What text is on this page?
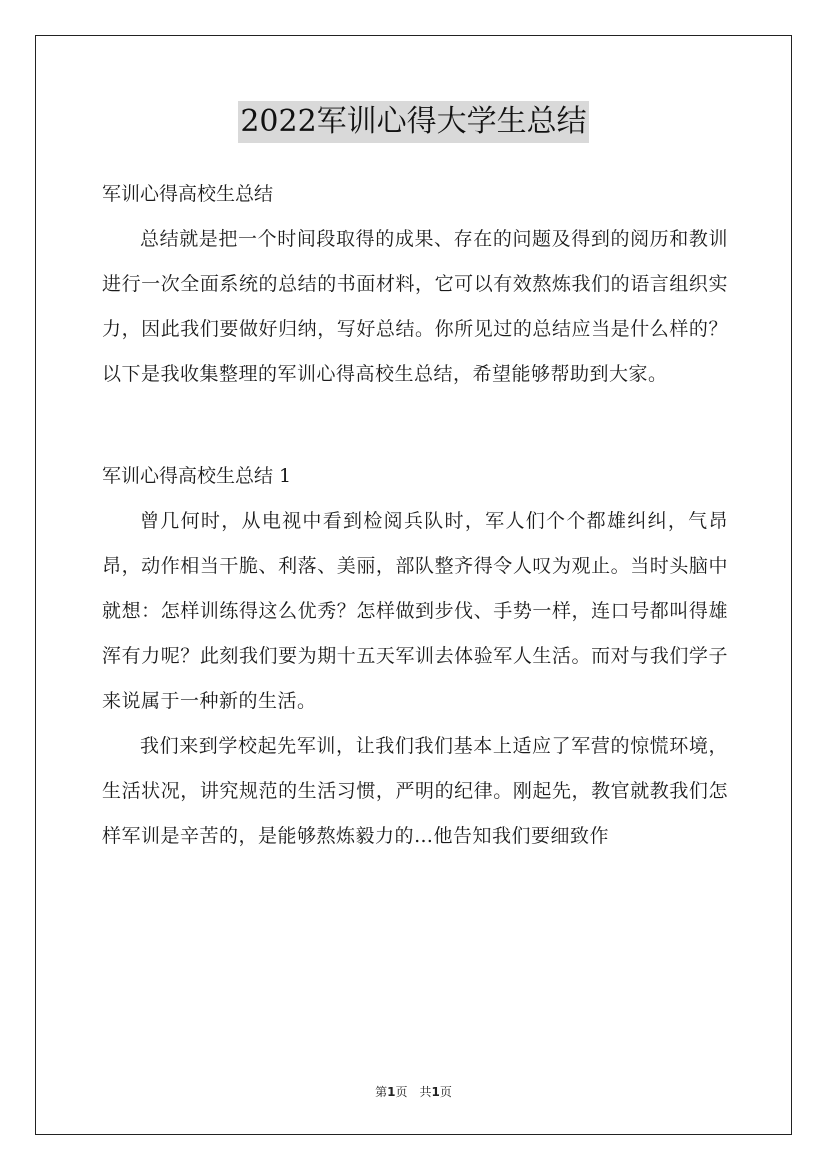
2022军训心得大学生总结

军训心得高校生总结

总结就是把一个时间段取得的成果、存在的问题及得到的阅历和教训进行一次全面系统的总结的书面材料，它可以有效熬炼我们的语言组织实力，因此我们要做好归纳，写好总结。你所见过的总结应当是什么样的？以下是我收集整理的军训心得高校生总结，希望能够帮助到大家。

军训心得高校生总结 1

曾几何时，从电视中看到检阅兵队时，军人们个个都雄纠纠，气昂昂，动作相当干脆、利落、美丽，部队整齐得令人叹为观止。当时头脑中就想：怎样训练得这么优秀？怎样做到步伐、手势一样，连口号都叫得雄浑有力呢？此刻我们要为期十五天军训去体验军人生活。而对与我们学子来说属于一种新的生活。

我们来到学校起先军训，让我们我们基本上适应了军营的惊慌环境，生活状况，讲究规范的生活习惯，严明的纪律。刚起先，教官就教我们怎样军训是辛苦的，是能够熬炼毅力的…他告知我们要细致作

第1页　共1页
